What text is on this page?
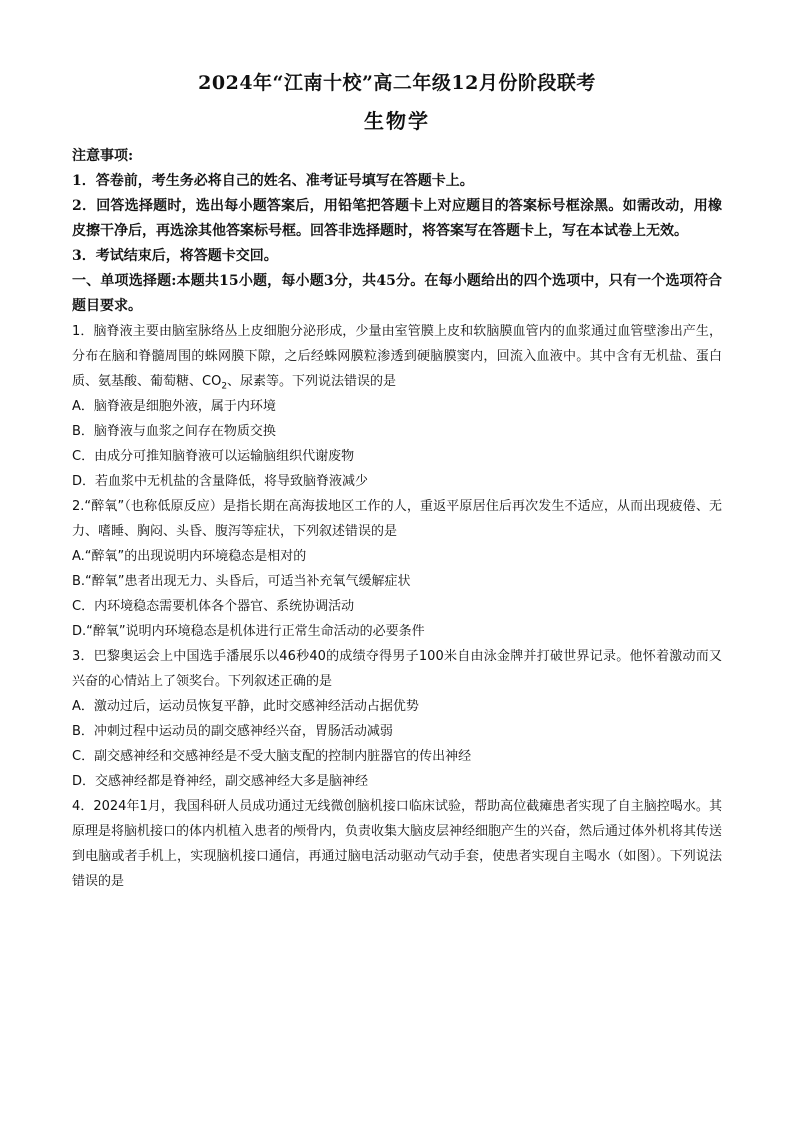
2024年“江南十校”高二年级12月份阶段联考
生物学
注意事项:
1．答卷前，考生务必将自己的姓名、准考证号填写在答题卡上。
2．回答选择题时，选出每小题答案后，用铅笔把答题卡上对应题目的答案标号框涂黑。如需改动，用橡皮擦干净后，再选涂其他答案标号框。回答非选择题时，将答案写在答题卡上，写在本试卷上无效。
3．考试结束后，将答题卡交回。
一、单项选择题:本题共15小题，每小题3分，共45分。在每小题给出的四个选项中，只有一个选项符合题目要求。
1．脑脊液主要由脑室脉络丛上皮细胞分泌形成，少量由室管膜上皮和软脑膜血管内的血浆通过血管壁渗出产生，分布在脑和脊髓周围的蛛网膜下隙，之后经蛛网膜粒渗透到硬脑膜窦内，回流入血液中。其中含有无机盐、蛋白质、氨基酸、葡萄糖、$CO_2$、尿素等。下列说法错误的是
A．脑脊液是细胞外液，属于内环境
B．脑脊液与血浆之间存在物质交换
C．由成分可推知脑脊液可以运输脑组织代谢废物
D．若血浆中无机盐的含量降低，将导致脑脊液减少
2.“醉氧”（也称低原反应）是指长期在高海拔地区工作的人，重返平原居住后再次发生不适应，从而出现疲倦、无力、嗜睡、胸闷、头昏、腹泻等症状，下列叙述错误的是
A.“醉氧”的出现说明内环境稳态是相对的
B.“醉氧”患者出现无力、头昏后，可适当补充氧气缓解症状
C．内环境稳态需要机体各个器官、系统协调活动
D.“醉氧”说明内环境稳态是机体进行正常生命活动的必要条件
3．巴黎奥运会上中国选手潘展乐以46秒40的成绩夺得男子100米自由泳金牌并打破世界记录。他怀着激动而又兴奋的心情站上了领奖台。下列叙述正确的是
A．激动过后，运动员恢复平静，此时交感神经活动占据优势
B．冲刺过程中运动员的副交感神经兴奋，胃肠活动减弱
C．副交感神经和交感神经是不受大脑支配的控制内脏器官的传出神经
D．交感神经都是脊神经，副交感神经大多是脑神经
4．2024年1月，我国科研人员成功通过无线微创脑机接口临床试验，帮助高位截瘫患者实现了自主脑控喝水。其原理是将脑机接口的体内机植入患者的颅骨内，负责收集大脑皮层神经细胞产生的兴奋，然后通过体外机将其传送到电脑或者手机上，实现脑机接口通信，再通过脑电活动驱动气动手套，使患者实现自主喝水（如图）。下列说法错误的是
